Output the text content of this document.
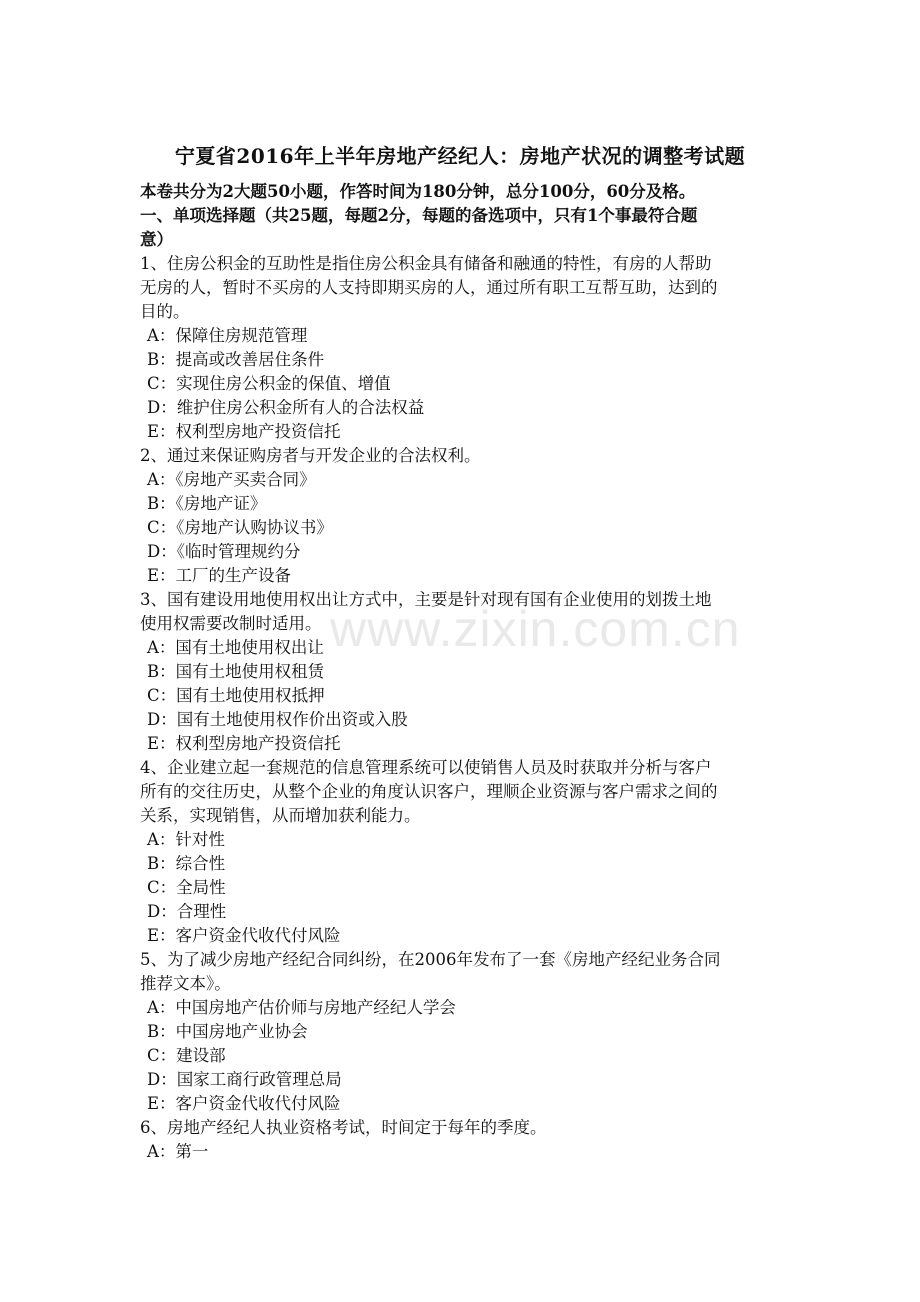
www.zixin.com.cn
宁夏省2016年上半年房地产经纪人：房地产状况的调整考试题
本卷共分为2大题50小题，作答时间为180分钟，总分100分，60分及格。
一、单项选择题（共25题，每题2分，每题的备选项中，只有1个事最符合题
意）
1、住房公积金的互助性是指住房公积金具有储备和融通的特性，有房的人帮助
无房的人，暂时不买房的人支持即期买房的人，通过所有职工互帮互助，达到的
目的。
A：保障住房规范管理
B：提高或改善居住条件
C：实现住房公积金的保值、增值
D：维护住房公积金所有人的合法权益
E：权利型房地产投资信托
2、通过来保证购房者与开发企业的合法权利。
A：《房地产买卖合同》
B：《房地产证》
C：《房地产认购协议书》
D：《临时管理规约分
E：工厂的生产设备
3、国有建设用地使用权出让方式中，主要是针对现有国有企业使用的划拨土地
使用权需要改制时适用。
A：国有土地使用权出让
B：国有土地使用权租赁
C：国有土地使用权抵押
D：国有土地使用权作价出资或入股
E：权利型房地产投资信托
4、企业建立起一套规范的信息管理系统可以使销售人员及时获取并分析与客户
所有的交往历史，从整个企业的角度认识客户，理顺企业资源与客户需求之间的
关系，实现销售，从而增加获利能力。
A：针对性
B：综合性
C：全局性
D：合理性
E：客户资金代收代付风险
5、为了减少房地产经纪合同纠纷，在2006年发布了一套《房地产经纪业务合同
推荐文本》。
A：中国房地产估价师与房地产经纪人学会
B：中国房地产业协会
C：建设部
D：国家工商行政管理总局
E：客户资金代收代付风险
6、房地产经纪人执业资格考试，时间定于每年的季度。
A：第一
